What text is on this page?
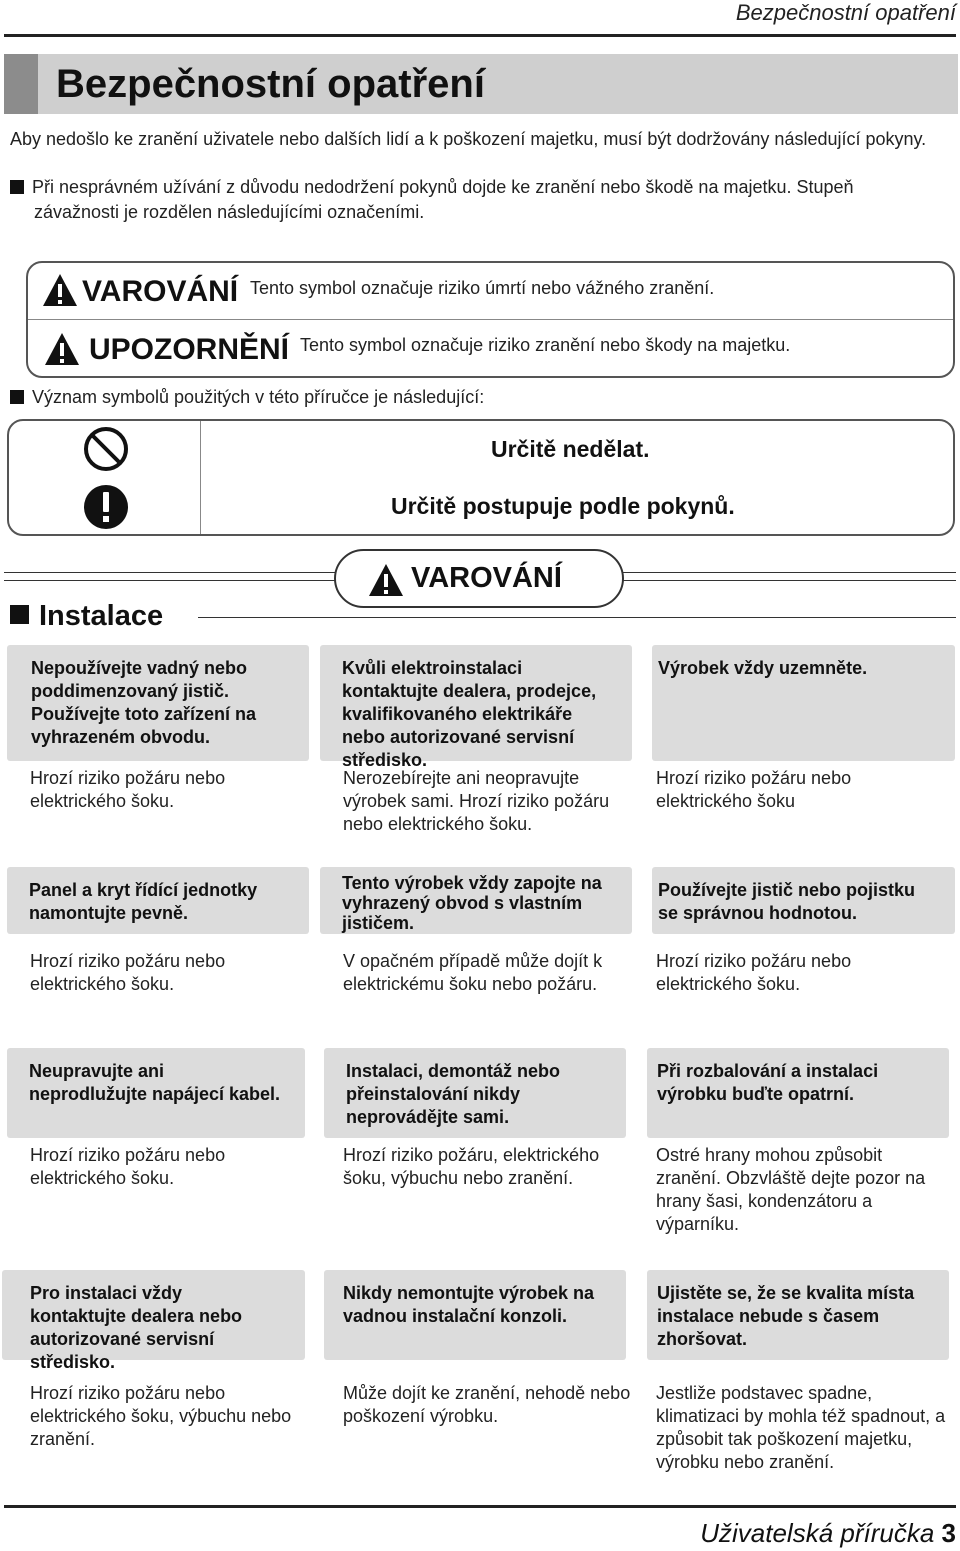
Bezpečnostní opatření
Bezpečnostní opatření
Aby nedošlo ke zranění uživatele nebo dalších lidí a k poškození majetku, musí být dodržovány následující pokyny.
Při nesprávném užívání z důvodu nedodržení pokynů dojde ke zranění nebo škodě na majetku. Stupeň
závažnosti je rozdělen následujícími označeními.
VAROVÁNÍ Tento symbol označuje riziko úmrtí nebo vážného zranění.
UPOZORNĚNÍ Tento symbol označuje riziko zranění nebo škody na majetku.
Význam symbolů použitých v této příručce je následující:
Určitě nedělat.
Určitě postupuje podle pokynů.
VAROVÁNÍ
Instalace
Nepoužívejte vadný nebo poddimenzovaný jistič. Používejte toto zařízení na vyhrazeném obvodu.
Kvůli elektroinstalaci kontaktujte dealera, prodejce, kvalifikovaného elektrikáře nebo autorizované servisní středisko.
Výrobek vždy uzemněte.
Hrozí riziko požáru nebo elektrického šoku.
Nerozebírejte ani neopravujte výrobek sami. Hrozí riziko požáru nebo elektrického šoku.
Hrozí riziko požáru nebo elektrického šoku
Panel a kryt řídící jednotky namontujte pevně.
Tento výrobek vždy zapojte na vyhrazený obvod s vlastním jističem.
Používejte jistič nebo pojistku se správnou hodnotou.
Hrozí riziko požáru nebo elektrického šoku.
V opačném případě může dojít k elektrickému šoku nebo požáru.
Hrozí riziko požáru nebo elektrického šoku.
Neupravujte ani neprodlužujte napájecí kabel.
Instalaci, demontáž nebo přeinstalování nikdy neprovádějte sami.
Při rozbalování a instalaci výrobku buďte opatrní.
Hrozí riziko požáru nebo elektrického šoku.
Hrozí riziko požáru, elektrického šoku, výbuchu nebo zranění.
Ostré hrany mohou způsobit zranění. Obzvláště dejte pozor na hrany šasi, kondenzátoru a výparníku.
Pro instalaci vždy kontaktujte dealera nebo autorizované servisní středisko.
Nikdy nemontujte výrobek na vadnou instalační konzoli.
Ujistěte se, že se kvalita místa instalace nebude s časem zhoršovat.
Hrozí riziko požáru nebo elektrického šoku, výbuchu nebo zranění.
Může dojít ke zranění, nehodě nebo poškození výrobku.
Jestliže podstavec spadne, klimatizaci by mohla též spadnout, a způsobit tak poškození majetku, výrobku nebo zranění.
Uživatelská příručka 3
